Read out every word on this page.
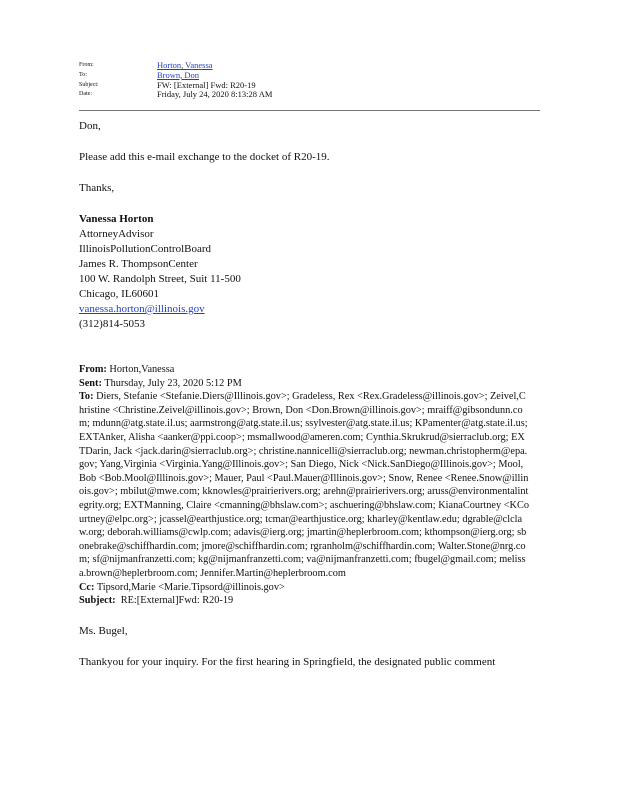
From:	Horton, Vanessa
To:	Brown, Don
Subject:	FW: [External] Fwd: R20-19
Date:	Friday, July 24, 2020 8:13:28 AM

Don,

Please add this e-mail exchange to the docket of R20-19.

Thanks,

Vanessa Horton

AttorneyAdvisor

IllinoisPollutionControlBoard

James R. ThompsonCenter

100 W. Randolph Street, Suit 11-500

Chicago, IL60601

vanessa.horton@illinois.gov

(312)814-5053

From: Horton,Vanessa

Sent: Thursday, July 23, 2020 5:12 PM

To: Diers, Stefanie <Stefanie.Diers@Illinois.gov>; Gradeless, Rex <Rex.Gradeless@illinois.gov>; Zeivel,Christine <Christine.Zeivel@illinois.gov>; Brown, Don <Don.Brown@illinois.gov>; mraiff@gibsondunn.com; mdunn@atg.state.il.us; aarmstrong@atg.state.il.us; ssylvester@atg.state.il.us; KPamenter@atg.state.il.us; EXTAnker, Alisha <aanker@ppi.coop>; msmallwood@ameren.com; Cynthia.Skrukrud@sierraclub.org; EXTDarin, Jack <jack.darin@sierraclub.org>; christine.nannicelli@sierraclub.org; newman.christopherm@epa.gov; Yang,Virginia <Virginia.Yang@Illinois.gov>; San Diego, Nick <Nick.SanDiego@Illinois.gov>; Mool, Bob <Bob.Mool@Illinois.gov>; Mauer, Paul <Paul.Mauer@Illinois.gov>; Snow, Renee <Renee.Snow@illinois.gov>; mbilut@mwe.com; kknowles@prairierivers.org; arehn@prairierivers.org; aruss@environmentalintegrity.org; EXTManning, Claire <cmanning@bhslaw.com>; aschuering@bhslaw.com; KianaCourtney <KCourtney@elpc.org>; jcassel@earthjustice.org; tcmar@earthjustice.org; kharley@kentlaw.edu; dgrable@clclaw.org; deborah.williams@cwlp.com; adavis@ierg.org; jmartin@heplerbroom.com; kthompson@ierg.org; sbonebrake@schiffhardin.com; jmore@schiffhardin.com; rgranholm@schiffhardin.com; Walter.Stone@nrg.com; sf@nijmanfranzetti.com; kg@nijmanfranzetti.com; va@nijmanfranzetti.com; fbugel@gmail.com; melissa.brown@heplerbroom.com; Jennifer.Martin@heplerbroom.com

Cc: Tipsord,Marie <Marie.Tipsord@illinois.gov>

Subject: RE:[External]Fwd: R20-19

Ms. Bugel,

Thankyou for your inquiry. For the first hearing in Springfield, the designated public comment
